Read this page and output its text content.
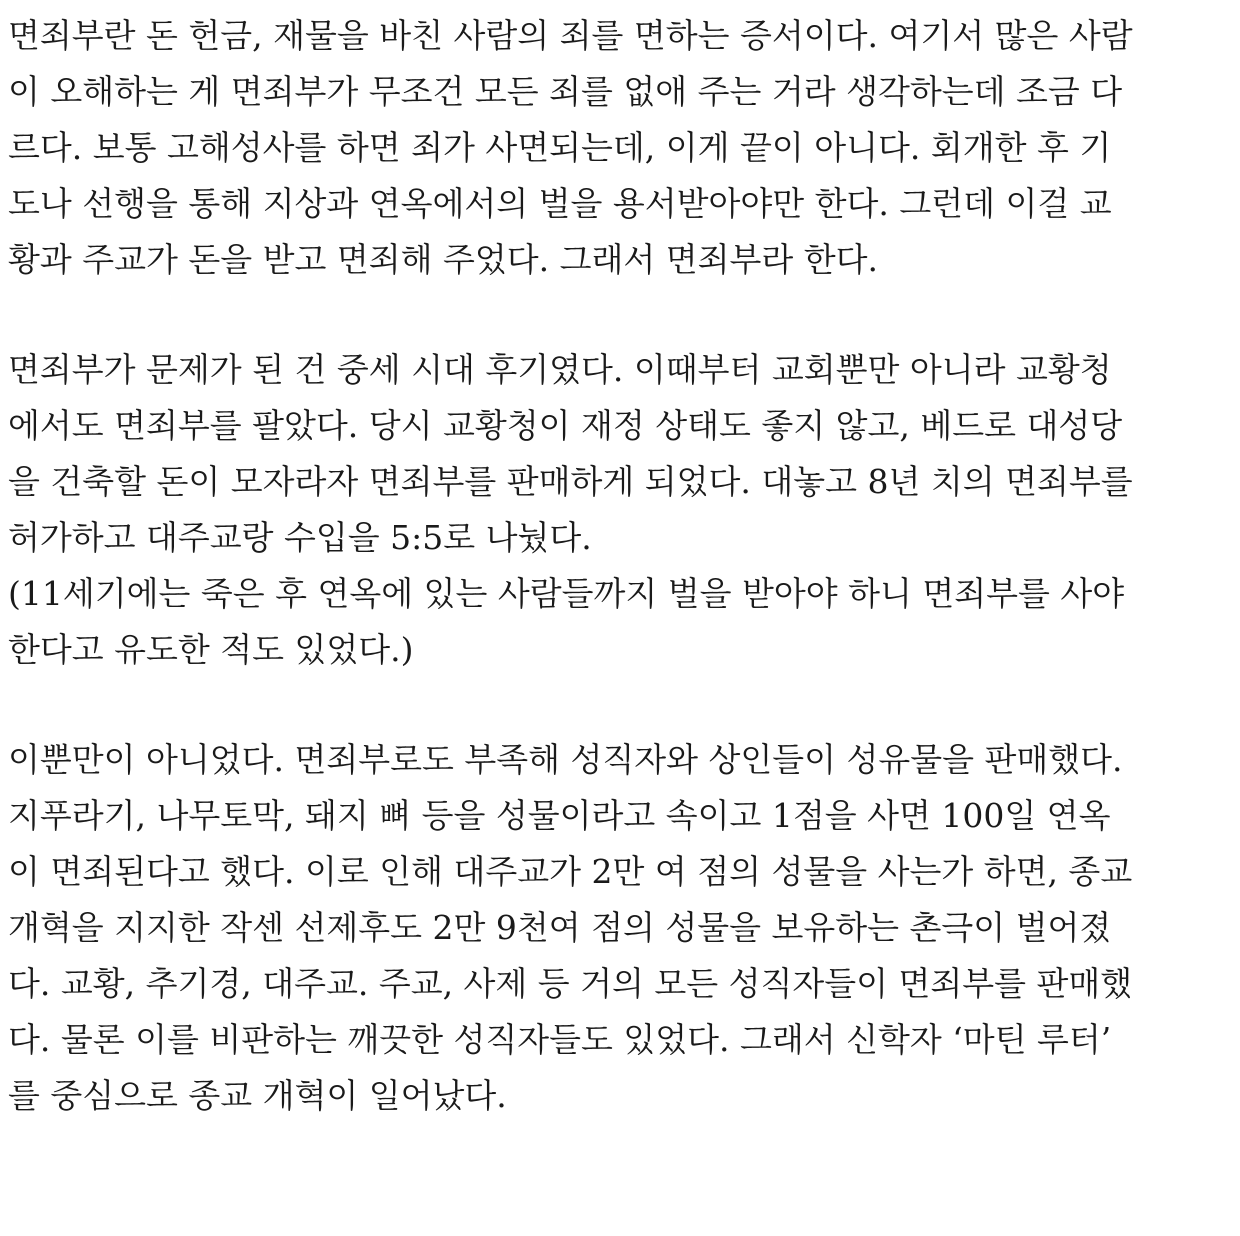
면죄부란 돈 헌금, 재물을 바친 사람의 죄를 면하는 증서이다. 여기서 많은 사람
이 오해하는 게 면죄부가 무조건 모든 죄를 없애 주는 거라 생각하는데 조금 다
르다. 보통 고해성사를 하면 죄가 사면되는데, 이게 끝이 아니다. 회개한 후 기
도나 선행을 통해 지상과 연옥에서의 벌을 용서받아야만 한다. 그런데 이걸 교
황과 주교가 돈을 받고 면죄해 주었다. 그래서 면죄부라 한다.
면죄부가 문제가 된 건 중세 시대 후기였다. 이때부터 교회뿐만 아니라 교황청
에서도 면죄부를 팔았다. 당시 교황청이 재정 상태도 좋지 않고, 베드로 대성당
을 건축할 돈이 모자라자 면죄부를 판매하게 되었다. 대놓고 8년 치의 면죄부를
허가하고 대주교랑 수입을 5:5로 나눴다.
(11세기에는 죽은 후 연옥에 있는 사람들까지 벌을 받아야 하니 면죄부를 사야
한다고 유도한 적도 있었다.)
이뿐만이 아니었다. 면죄부로도 부족해 성직자와 상인들이 성유물을 판매했다.
지푸라기, 나무토막, 돼지 뼈 등을 성물이라고 속이고 1점을 사면 100일 연옥
이 면죄된다고 했다. 이로 인해 대주교가 2만 여 점의 성물을 사는가 하면, 종교
개혁을 지지한 작센 선제후도 2만 9천여 점의 성물을 보유하는 촌극이 벌어졌
다. 교황, 추기경, 대주교. 주교, 사제 등 거의 모든 성직자들이 면죄부를 판매했
다. 물론 이를 비판하는 깨끗한 성직자들도 있었다. 그래서 신학자 ‘마틴 루터’
를 중심으로 종교 개혁이 일어났다.
